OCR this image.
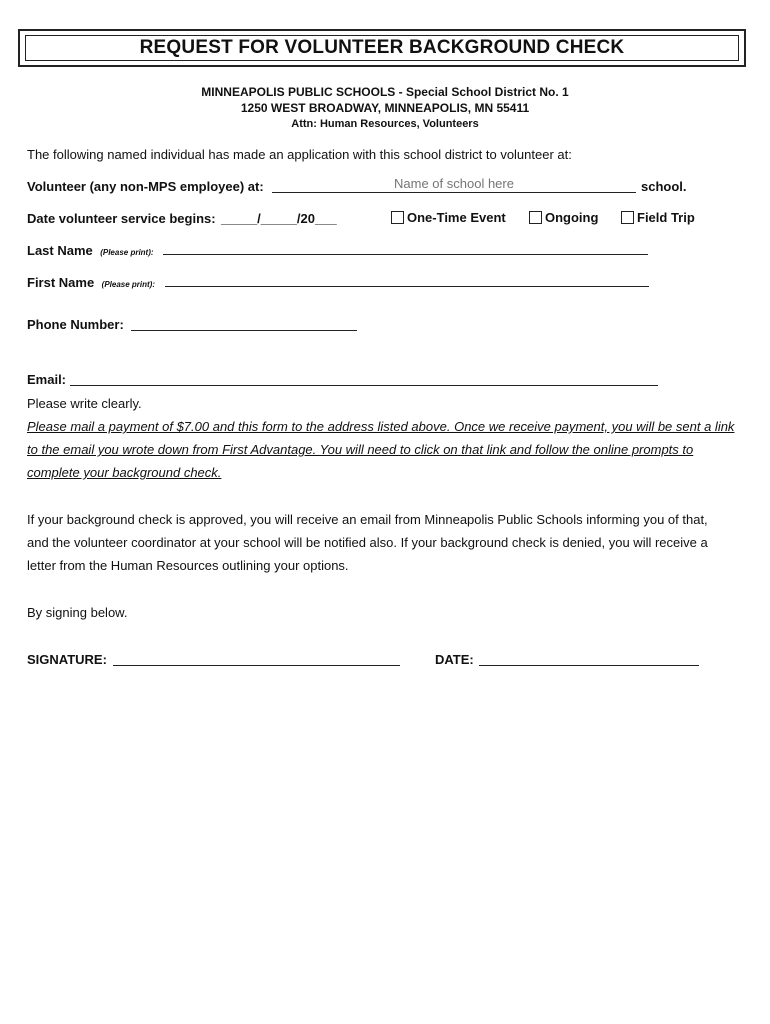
REQUEST FOR VOLUNTEER BACKGROUND CHECK
MINNEAPOLIS PUBLIC SCHOOLS - Special School District No. 1
1250 WEST BROADWAY, MINNEAPOLIS, MN 55411
Attn: Human Resources, Volunteers
The following named individual has made an application with this school district to volunteer at:
Volunteer (any non-MPS employee) at:
Name of school here	school.
Date volunteer service begins: _____/_____/20___	One-Time Event	Ongoing	Field Trip
Last Name (Please print):
First Name (Please print):
Phone Number:
Email:
Please write clearly.
Please mail a payment of $7.00 and this form to the address listed above. Once we receive payment, you will be sent a link to the email you wrote down from First Advantage. You will need to click on that link and follow the online prompts to complete your background check.
If your background check is approved, you will receive an email from Minneapolis Public Schools informing you of that, and the volunteer coordinator at your school will be notified also. If your background check is denied, you will receive a letter from the Human Resources outlining your options.
By signing below.
SIGNATURE:	DATE:
